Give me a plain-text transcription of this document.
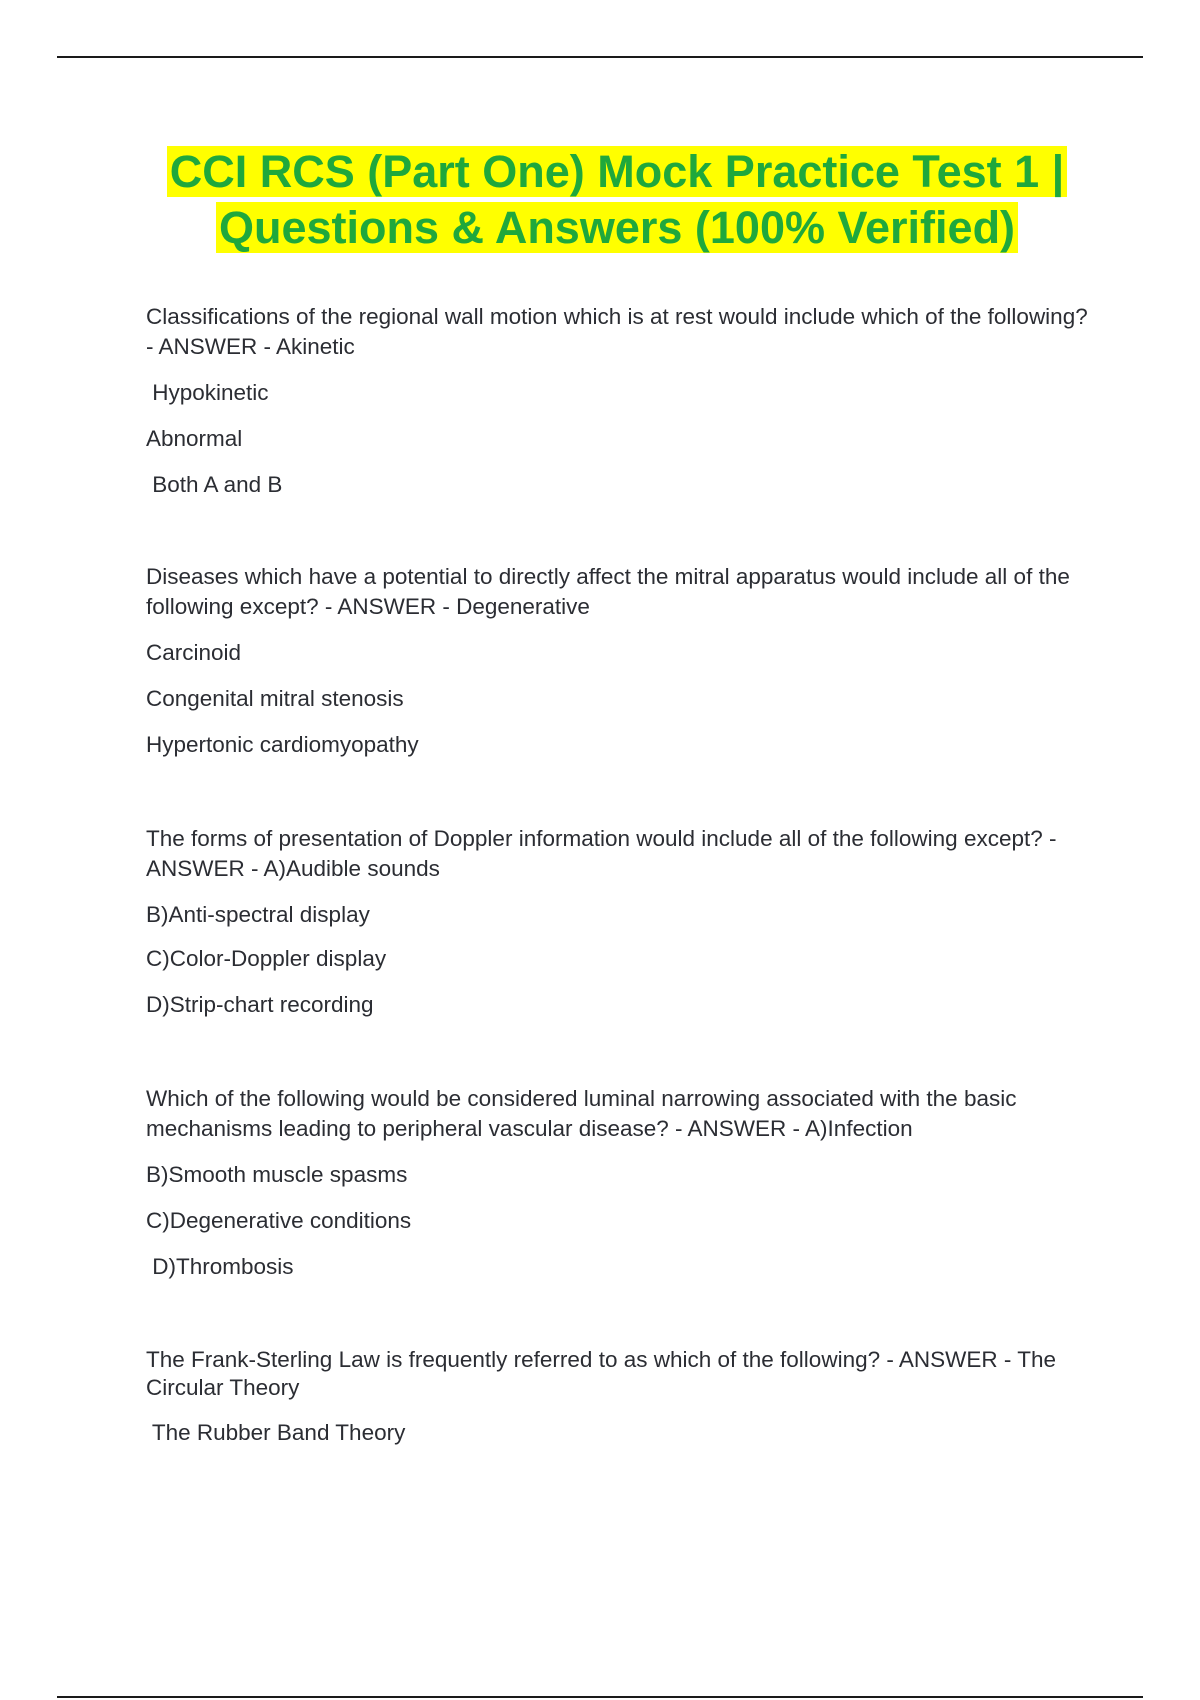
CCI RCS (Part One) Mock Practice Test 1 | Questions & Answers (100% Verified)

Classifications of the regional wall motion which is at rest would include which of the following? - ANSWER - Akinetic

Hypokinetic

Abnormal

Both A and B

Diseases which have a potential to directly affect the mitral apparatus would include all of the following except? - ANSWER - Degenerative

Carcinoid

Congenital mitral stenosis

Hypertonic cardiomyopathy

The forms of presentation of Doppler information would include all of the following except? - ANSWER - A)Audible sounds

B)Anti-spectral display

C)Color-Doppler display

D)Strip-chart recording

Which of the following would be considered luminal narrowing associated with the basic mechanisms leading to peripheral vascular disease? - ANSWER - A)Infection

B)Smooth muscle spasms

C)Degenerative conditions

D)Thrombosis

The Frank-Sterling Law is frequently referred to as which of the following? - ANSWER - The Circular Theory

The Rubber Band Theory
